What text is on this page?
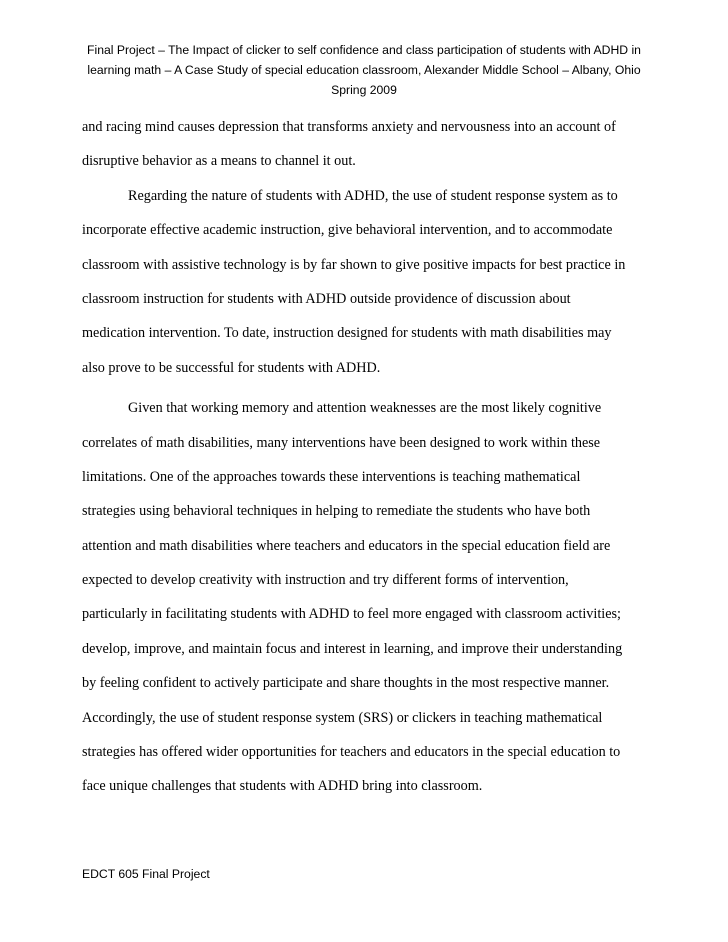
Final Project – The Impact of clicker to self confidence and class participation of students with ADHD in
learning math – A Case Study of special education classroom, Alexander Middle School – Albany, Ohio
Spring 2009
and racing mind causes depression that transforms anxiety and nervousness into an account of
disruptive behavior as a means to channel it out.
Regarding the nature of students with ADHD, the use of student response system as to
incorporate effective academic instruction, give behavioral intervention, and to accommodate
classroom with assistive technology is by far shown to give positive impacts for best practice in
classroom instruction for students with ADHD outside providence of discussion about
medication intervention. To date, instruction designed for students with math disabilities may
also prove to be successful for students with ADHD.
Given that working memory and attention weaknesses are the most likely cognitive
correlates of math disabilities, many interventions have been designed to work within these
limitations. One of the approaches towards these interventions is teaching mathematical
strategies using behavioral techniques in helping to remediate the students who have both
attention and math disabilities where teachers and educators in the special education field are
expected to develop creativity with instruction and try different forms of intervention,
particularly in facilitating students with ADHD to feel more engaged with classroom activities;
develop, improve, and maintain focus and interest in learning, and improve their understanding
by feeling confident to actively participate and share thoughts in the most respective manner.
Accordingly, the use of student response system (SRS) or clickers in teaching mathematical
strategies has offered wider opportunities for teachers and educators in the special education to
face unique challenges that students with ADHD bring into classroom.
EDCT 605 Final Project
